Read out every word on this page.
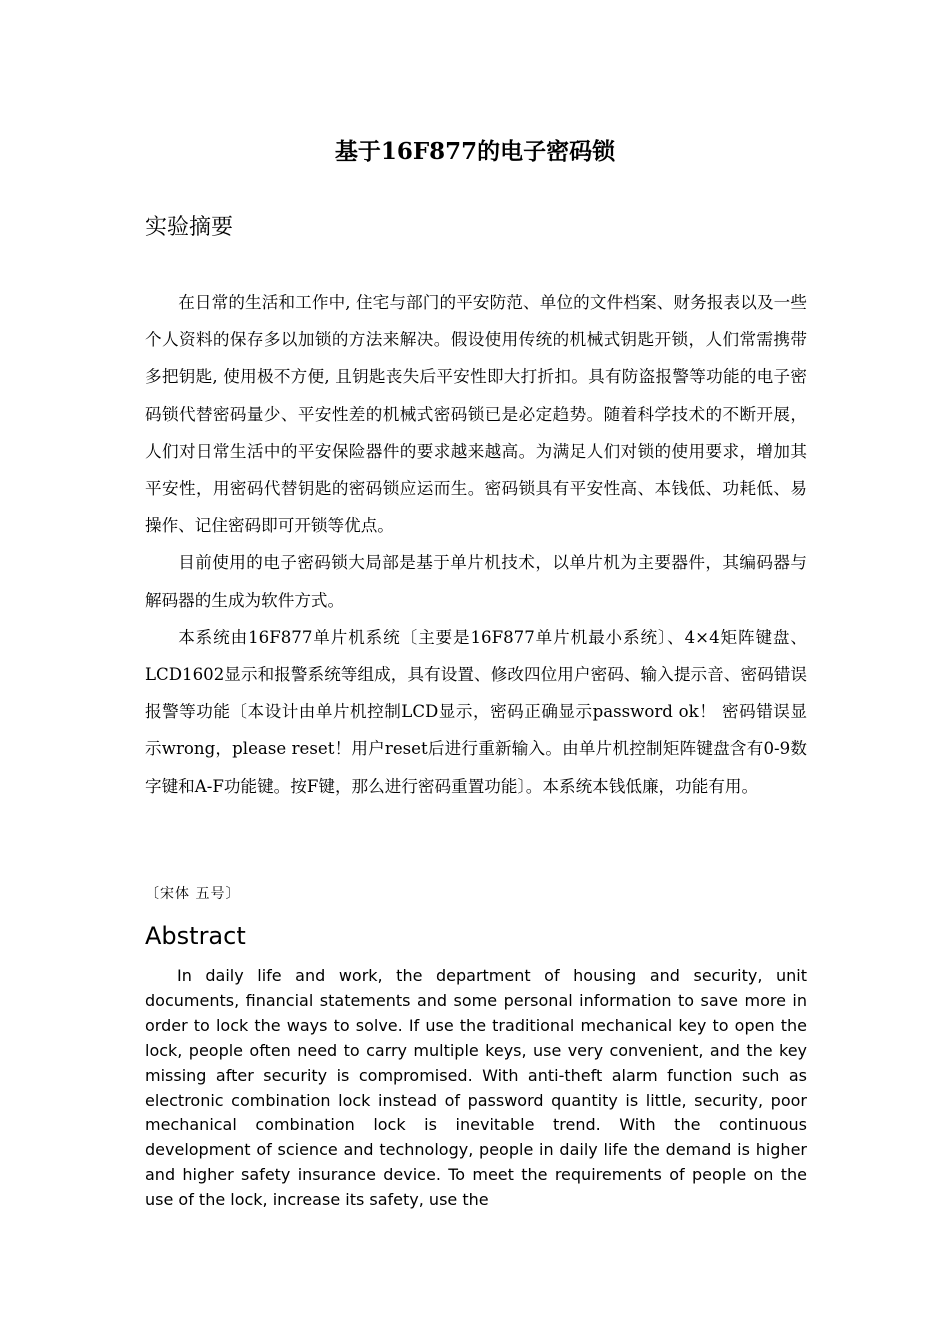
基于16F877的电子密码锁
实验摘要

在日常的生活和工作中, 住宅与部门的平安防范、单位的文件档案、财务报表以及一些个人资料的保存多以加锁的方法来解决。假设使用传统的机械式钥匙开锁，人们常需携带多把钥匙, 使用极不方便, 且钥匙丧失后平安性即大打折扣。具有防盗报警等功能的电子密码锁代替密码量少、平安性差的机械式密码锁已是必定趋势。随着科学技术的不断开展，人们对日常生活中的平安保险器件的要求越来越高。为满足人们对锁的使用要求，增加其平安性，用密码代替钥匙的密码锁应运而生。密码锁具有平安性高、本钱低、功耗低、易操作、记住密码即可开锁等优点。

目前使用的电子密码锁大局部是基于单片机技术，以单片机为主要器件，其编码器与解码器的生成为软件方式。

本系统由16F877单片机系统〔主要是16F877单片机最小系统〕、4×4矩阵键盘、LCD1602显示和报警系统等组成，具有设置、修改四位用户密码、输入提示音、密码错误报警等功能〔本设计由单片机控制LCD显示，密码正确显示password ok！ 密码错误显示wrong，please reset！用户reset后进行重新输入。由单片机控制矩阵键盘含有0-9数字键和A-F功能键。按F键，那么进行密码重置功能〕。本系统本钱低廉，功能有用。

〔宋体 五号〕
Abstract

In daily life and work, the department of housing and security, unit documents, financial statements and some personal information to save more in order to lock the ways to solve. If use the traditional mechanical key to open the lock, people often need to carry multiple keys, use very convenient, and the key missing after security is compromised. With anti-theft alarm function such as electronic combination lock instead of password quantity is little, security, poor mechanical combination lock is inevitable trend. With the continuous development of science and technology, people in daily life the demand is higher and higher safety insurance device. To meet the requirements of people on the use of the lock, increase its safety, use the
